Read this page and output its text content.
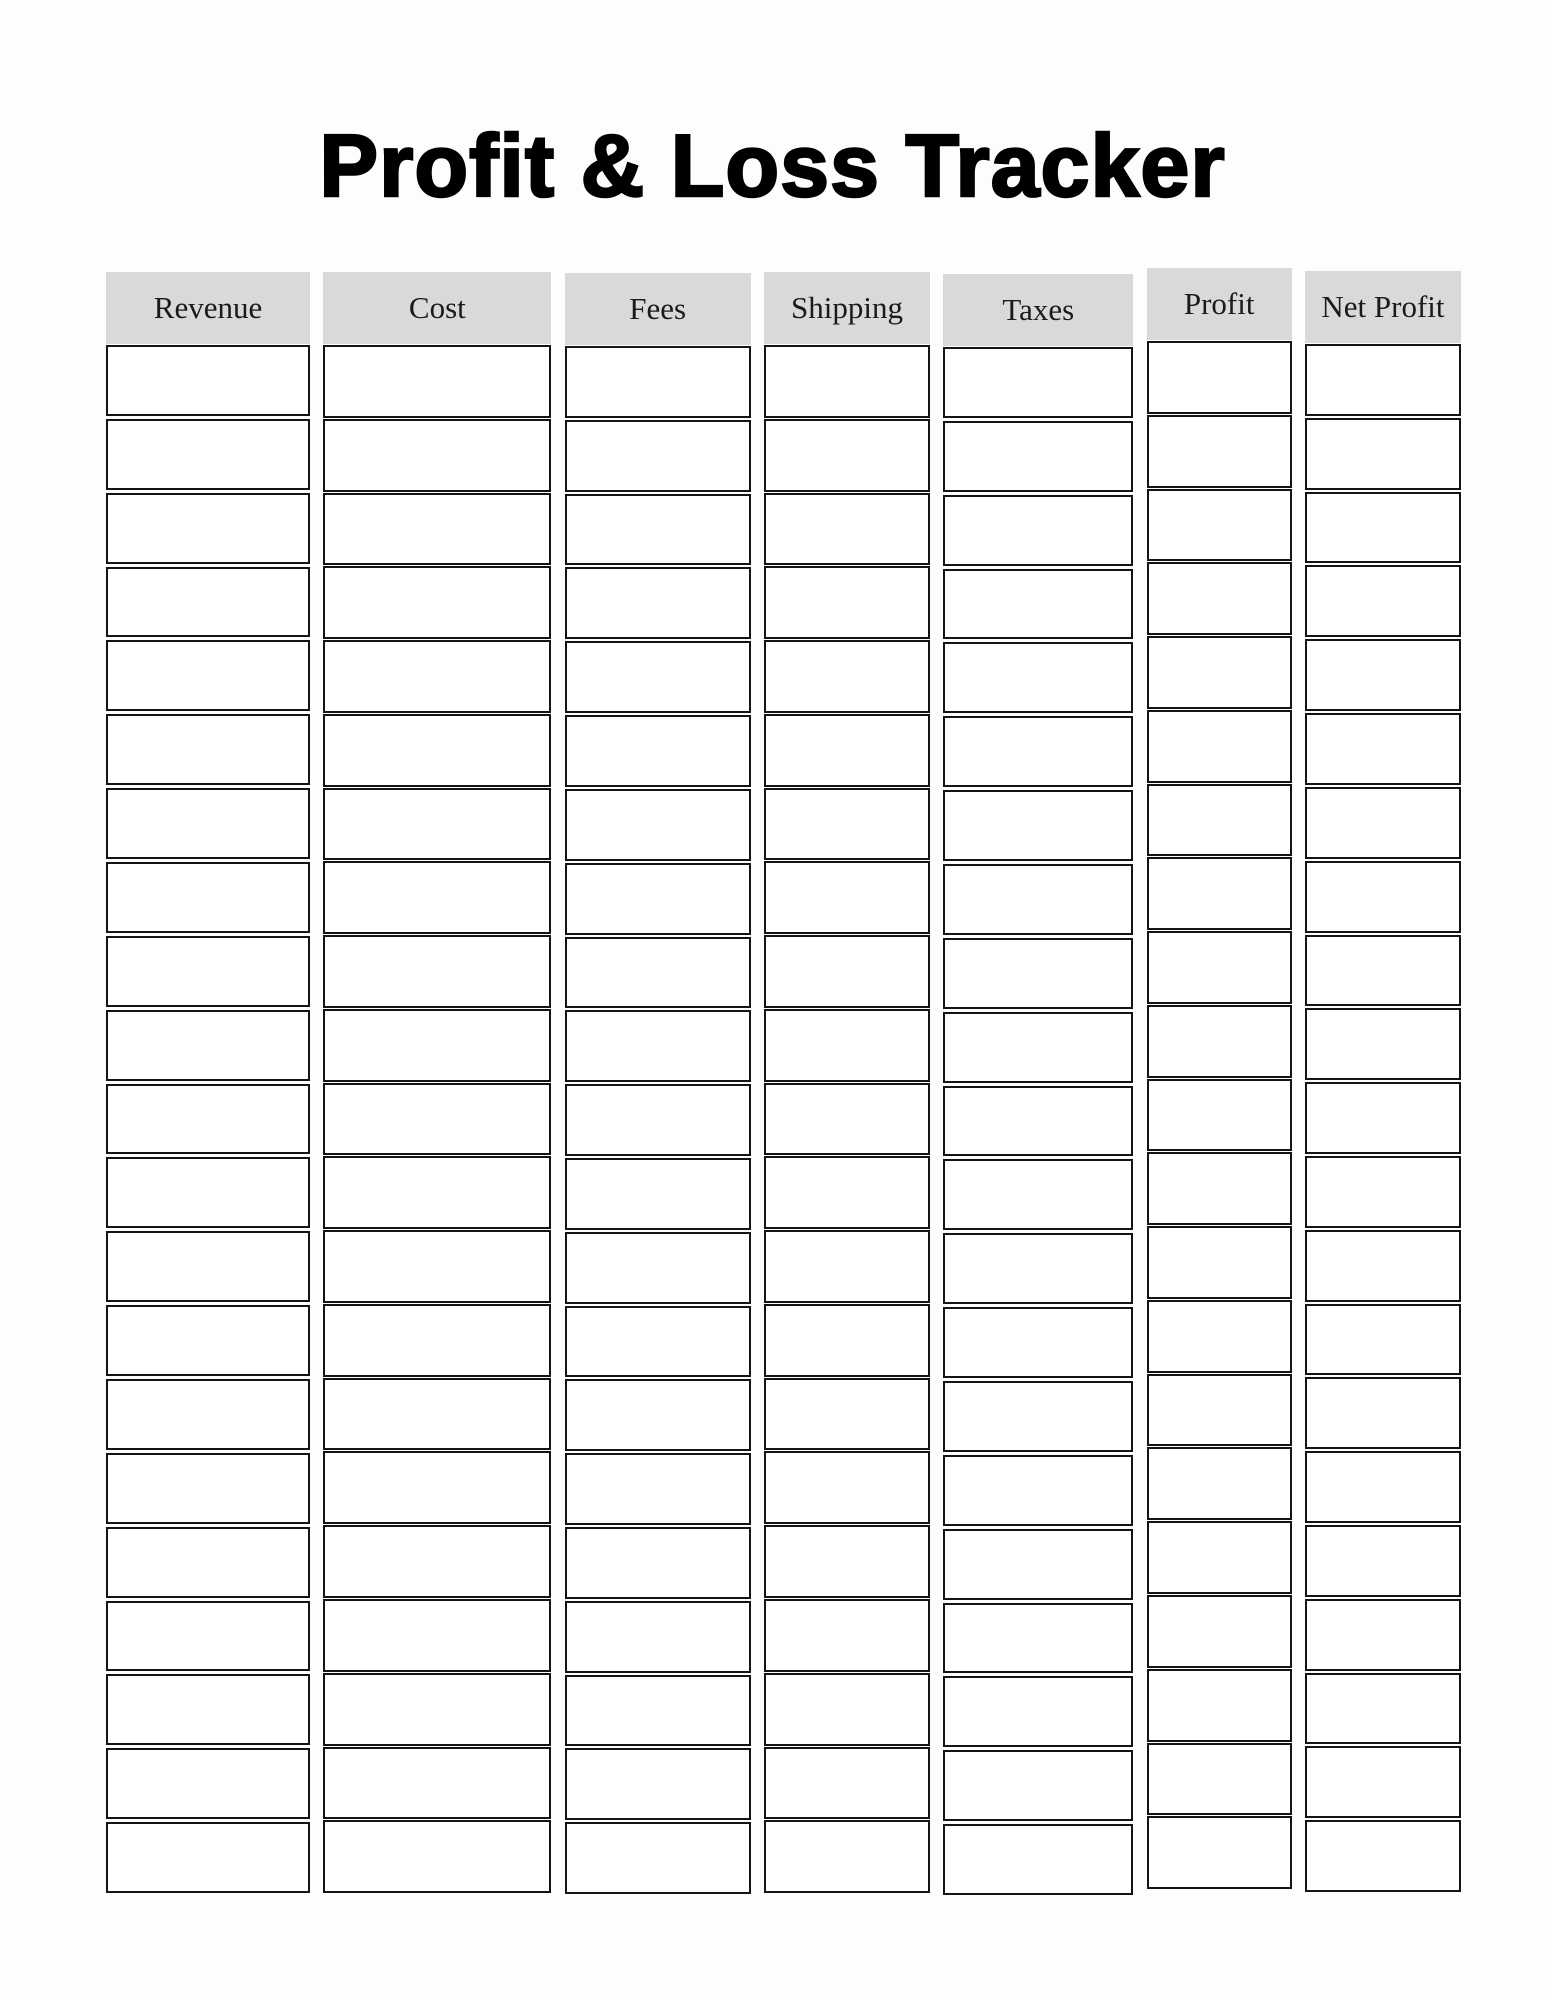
Profit & Loss Tracker
Revenue	Cost	Fees	Shipping	Taxes	Profit	Net Profit
